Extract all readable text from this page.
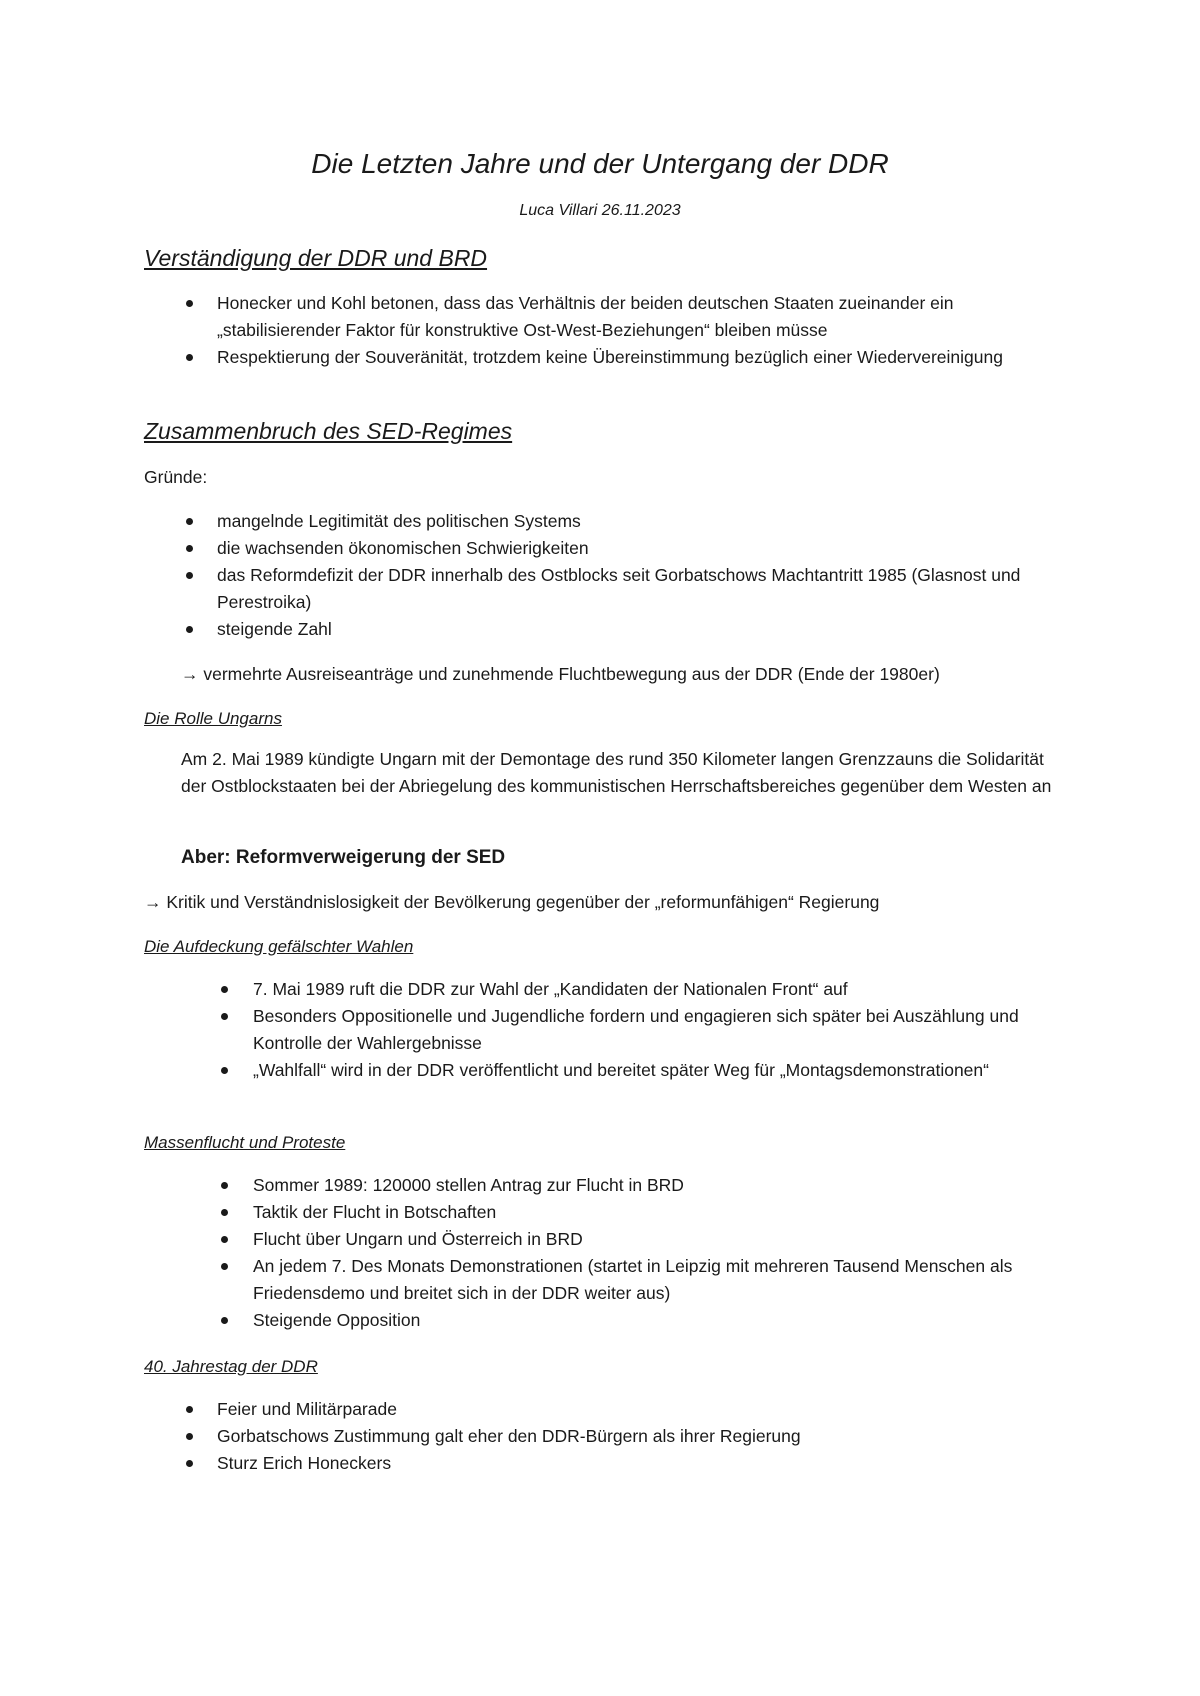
Die Letzten Jahre und der Untergang der DDR

Luca Villari 26.11.2023

Verständigung der DDR und BRD
Honecker und Kohl betonen, dass das Verhältnis der beiden deutschen Staaten zueinander ein „stabilisierender Faktor für konstruktive Ost-West-Beziehungen“ bleiben müsse
Respektierung der Souveränität, trotzdem keine Übereinstimmung bezüglich einer Wiedervereinigung
Zusammenbruch des SED-Regimes

Gründe:

mangelnde Legitimität des politischen Systems
die wachsenden ökonomischen Schwierigkeiten
das Reformdefizit der DDR innerhalb des Ostblocks seit Gorbatschows Machtantritt 1985 (Glasnost und Perestroika)
steigende Zahl

→ vermehrte Ausreiseanträge und zunehmende Fluchtbewegung aus der DDR (Ende der 1980er)

Die Rolle Ungarns

Am 2. Mai 1989 kündigte Ungarn mit der Demontage des rund 350 Kilometer langen Grenzzauns die Solidarität der Ostblockstaaten bei der Abriegelung des kommunistischen Herrschaftsbereiches gegenüber dem Westen an

Aber: Reformverweigerung der SED

→ Kritik und Verständnislosigkeit der Bevölkerung gegenüber der „reformunfähigen“ Regierung

Die Aufdeckung gefälschter Wahlen
7. Mai 1989 ruft die DDR zur Wahl der „Kandidaten der Nationalen Front“ auf
Besonders Oppositionelle und Jugendliche fordern und engagieren sich später bei Auszählung und Kontrolle der Wahlergebnisse
„Wahlfall“ wird in der DDR veröffentlicht und bereitet später Weg für „Montagsdemonstrationen“
Massenflucht und Proteste
Sommer 1989: 120000 stellen Antrag zur Flucht in BRD
Taktik der Flucht in Botschaften
Flucht über Ungarn und Österreich in BRD
An jedem 7. Des Monats Demonstrationen (startet in Leipzig mit mehreren Tausend Menschen als Friedensdemo und breitet sich in der DDR weiter aus)
Steigende Opposition
40. Jahrestag der DDR
Feier und Militärparade
Gorbatschows Zustimmung galt eher den DDR-Bürgern als ihrer Regierung
Sturz Erich Honeckers
